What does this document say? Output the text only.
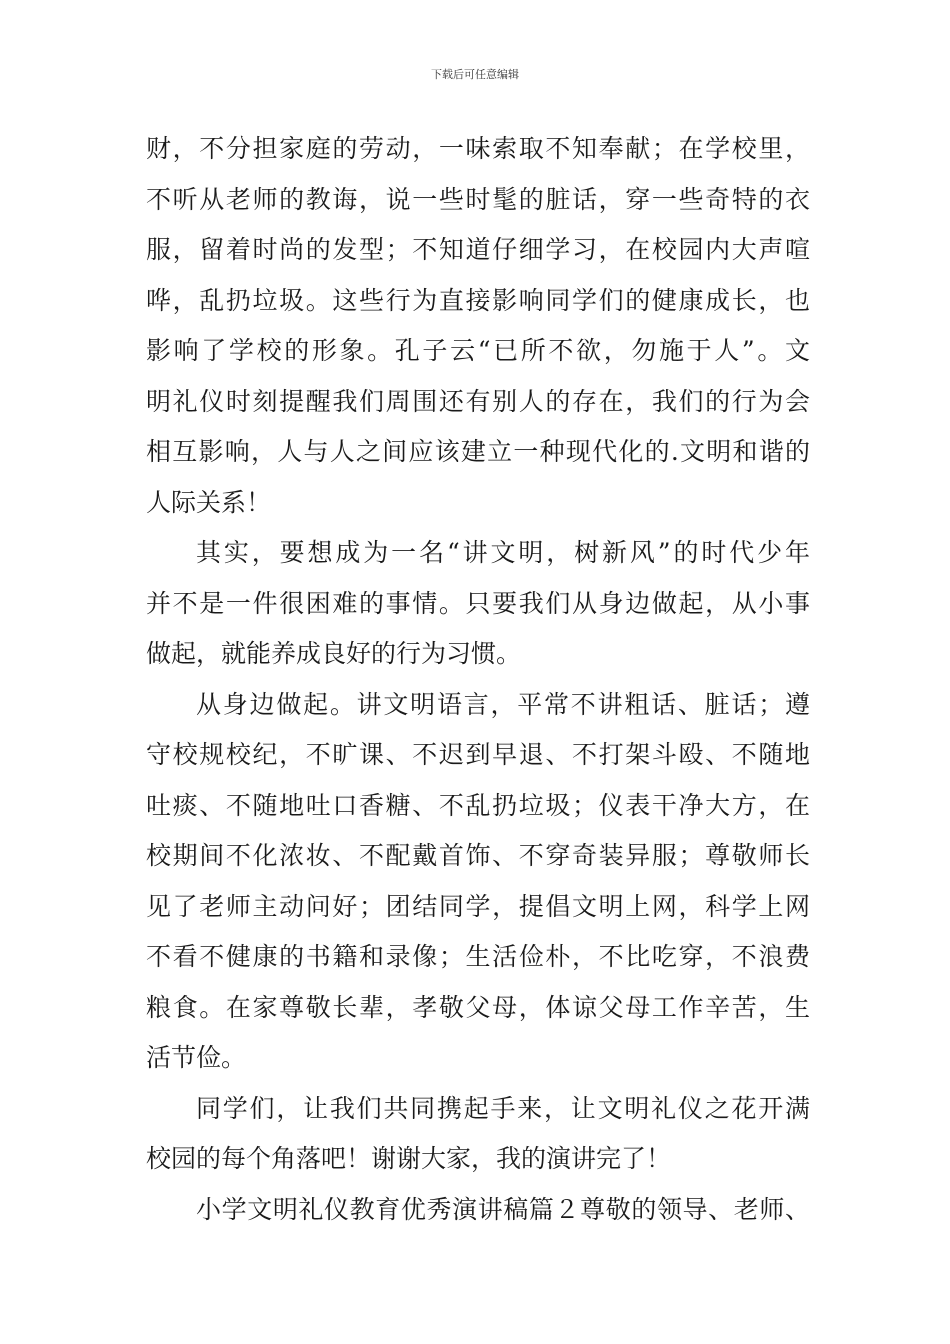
下载后可任意编辑
财，不分担家庭的劳动，一味索取不知奉献；在学校里，
不听从老师的教诲，说一些时髦的脏话，穿一些奇特的衣
服，留着时尚的发型；不知道仔细学习，在校园内大声喧
哗，乱扔垃圾。这些行为直接影响同学们的健康成长，也
影响了学校的形象。孔子云“已所不欲，勿施于人”。文
明礼仪时刻提醒我们周围还有别人的存在，我们的行为会
相互影响，人与人之间应该建立一种现代化的.文明和谐的
人际关系！
其实，要想成为一名“讲文明，树新风”的时代少年
并不是一件很困难的事情。只要我们从身边做起，从小事
做起，就能养成良好的行为习惯。
从身边做起。讲文明语言，平常不讲粗话、脏话；遵
守校规校纪，不旷课、不迟到早退、不打架斗殴、不随地
吐痰、不随地吐口香糖、不乱扔垃圾；仪表干净大方，在
校期间不化浓妆、不配戴首饰、不穿奇装异服；尊敬师长
见了老师主动问好；团结同学，提倡文明上网，科学上网
不看不健康的书籍和录像；生活俭朴，不比吃穿，不浪费
粮食。在家尊敬长辈，孝敬父母，体谅父母工作辛苦，生
活节俭。
同学们，让我们共同携起手来，让文明礼仪之花开满
校园的每个角落吧！谢谢大家，我的演讲完了！
小学文明礼仪教育优秀演讲稿篇２尊敬的领导、老师、
